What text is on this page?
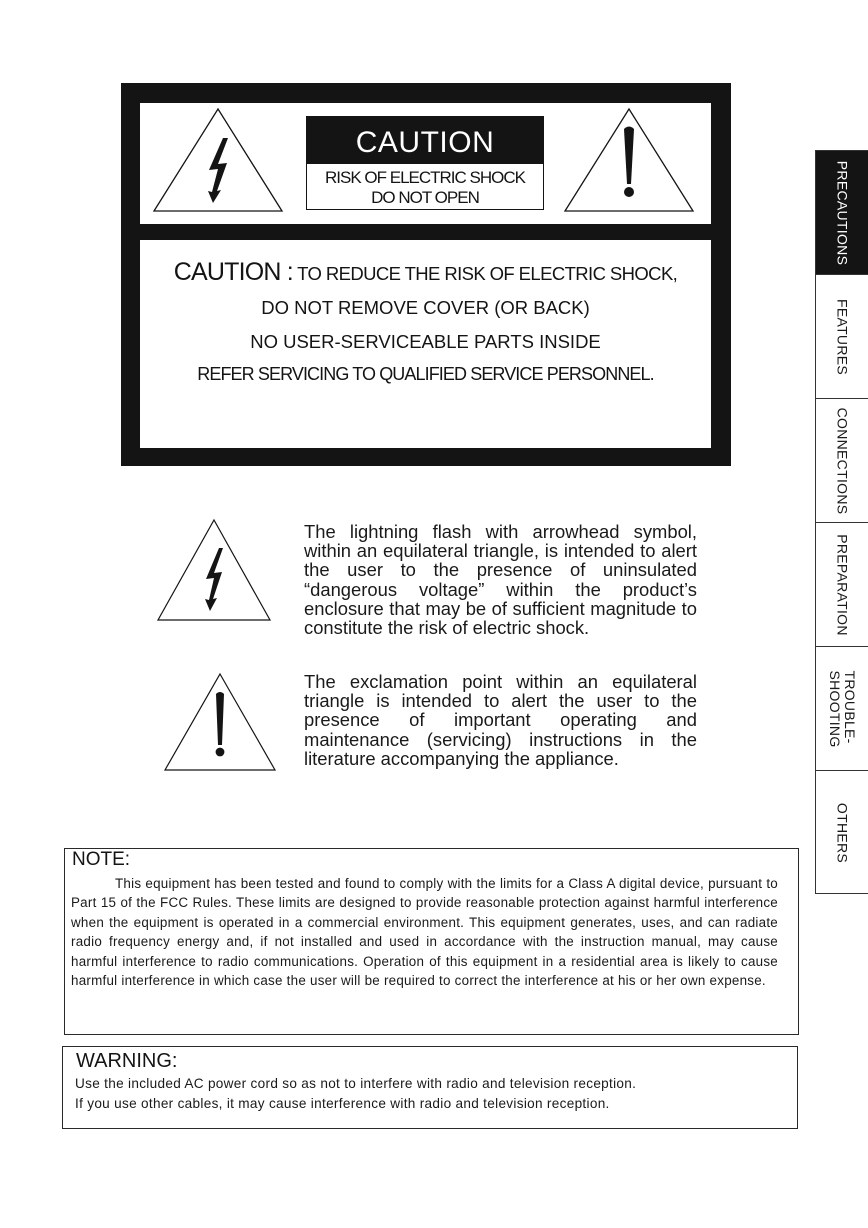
CAUTION : TO REDUCE THE RISK OF ELECTRIC SHOCK,
DO NOT REMOVE COVER (OR BACK)
NO USER-SERVICEABLE PARTS INSIDE
REFER SERVICING TO QUALIFIED SERVICE PERSONNEL.
CAUTION
RISK OF ELECTRIC SHOCK
DO NOT OPEN
The lightning flash with arrowhead symbol, within an equilateral triangle, is intended to alert the user to the presence of uninsulated “dangerous voltage” within the product’s enclosure that may be of sufficient magnitude to constitute the risk of electric shock.
The exclamation point within an equilateral triangle is intended to alert the user to the presence of important operating and maintenance (servicing) instructions in the literature accompanying the appliance.
PRECAUTIONS
FEATURES
CONNECTIONS
PREPARATION
TROUBLE-
SHOOTING
OTHERS
NOTE:
This equipment has been tested and found to comply with the limits for a Class A digital device, pursuant to Part 15 of the FCC Rules. These limits are designed to provide reasonable protection against harmful interference when the equipment is operated in a commercial environment. This equipment generates, uses, and can radiate radio frequency energy and, if not installed and used in accordance with the instruction manual, may cause harmful interference to radio communications. Operation of this equipment in a residential area is likely to cause harmful interference in which case the user will be required to correct the interference at his or her own expense.
WARNING:
Use the included AC power cord so as not to interfere with radio and television reception.
If you use other cables, it may cause interference with radio and television reception.
